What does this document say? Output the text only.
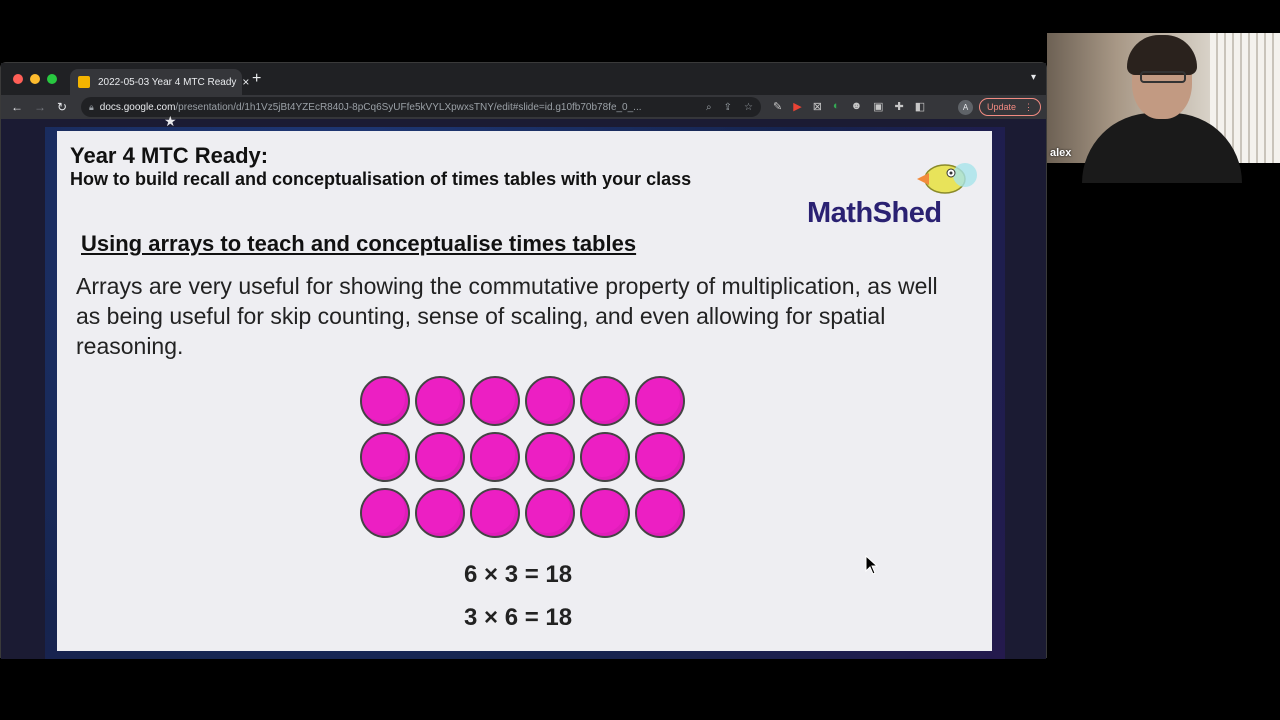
2022-05-03 Year 4 MTC Ready × +	▾
← → ↻ 🔒︎ docs.google.com/presentation/d/1h1Vz5jBt4YZEcR840J-8pCq6SyUFfe5kVYLXpwxsTNY/edit#slide=id.g10fb70b78fe_0_...	⌕ ⇪ ☆ ✎ ▶ ⊠ ◐ ☻ ▣ ✚ ◧	A	Update ⋮
★
Year 4 MTC Ready:
How to build recall and conceptualisation of times tables with your class
MathShed
Using arrays to teach and conceptualise times tables
Arrays are very useful for showing the commutative property of multiplication, as well as being useful for skip counting, sense of scaling, and even allowing for spatial reasoning.
6 × 3 = 18
3 × 6 = 18
alex
